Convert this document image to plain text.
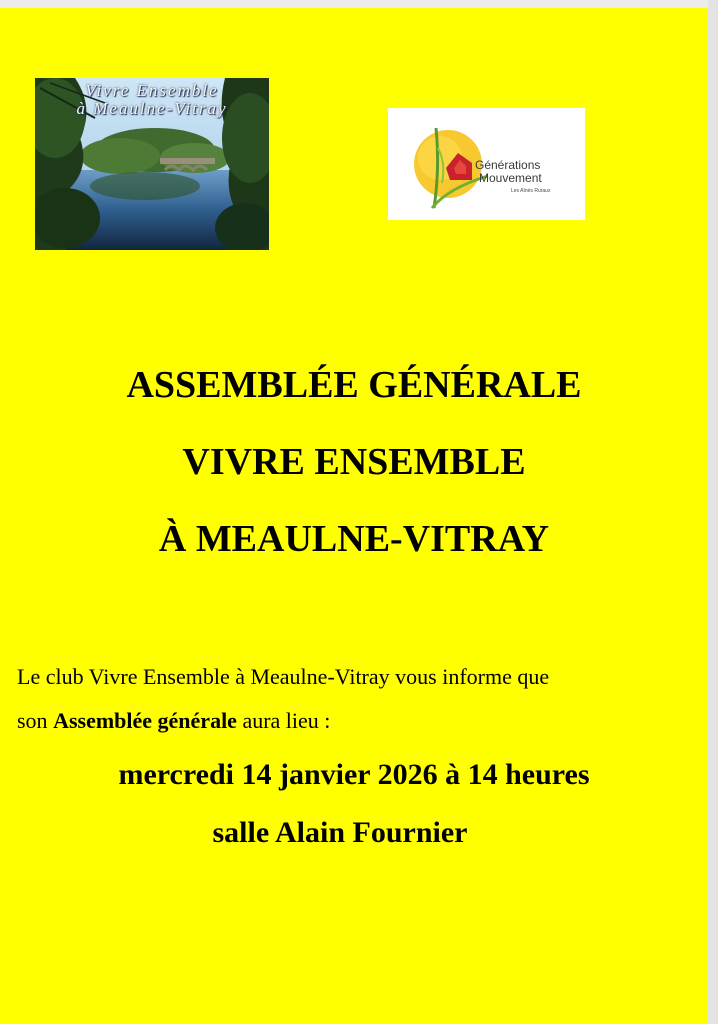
Vivre Ensemble
à Meaulne-Vitray
Générations
Mouvement
Les Aînés Ruraux
ASSEMBLÉE GÉNÉRALE
VIVRE ENSEMBLE
À MEAULNE-VITRAY
Le club Vivre Ensemble à Meaulne-Vitray vous informe que
son Assemblée générale aura lieu :
mercredi 14 janvier 2026 à 14 heures
salle Alain Fournier
